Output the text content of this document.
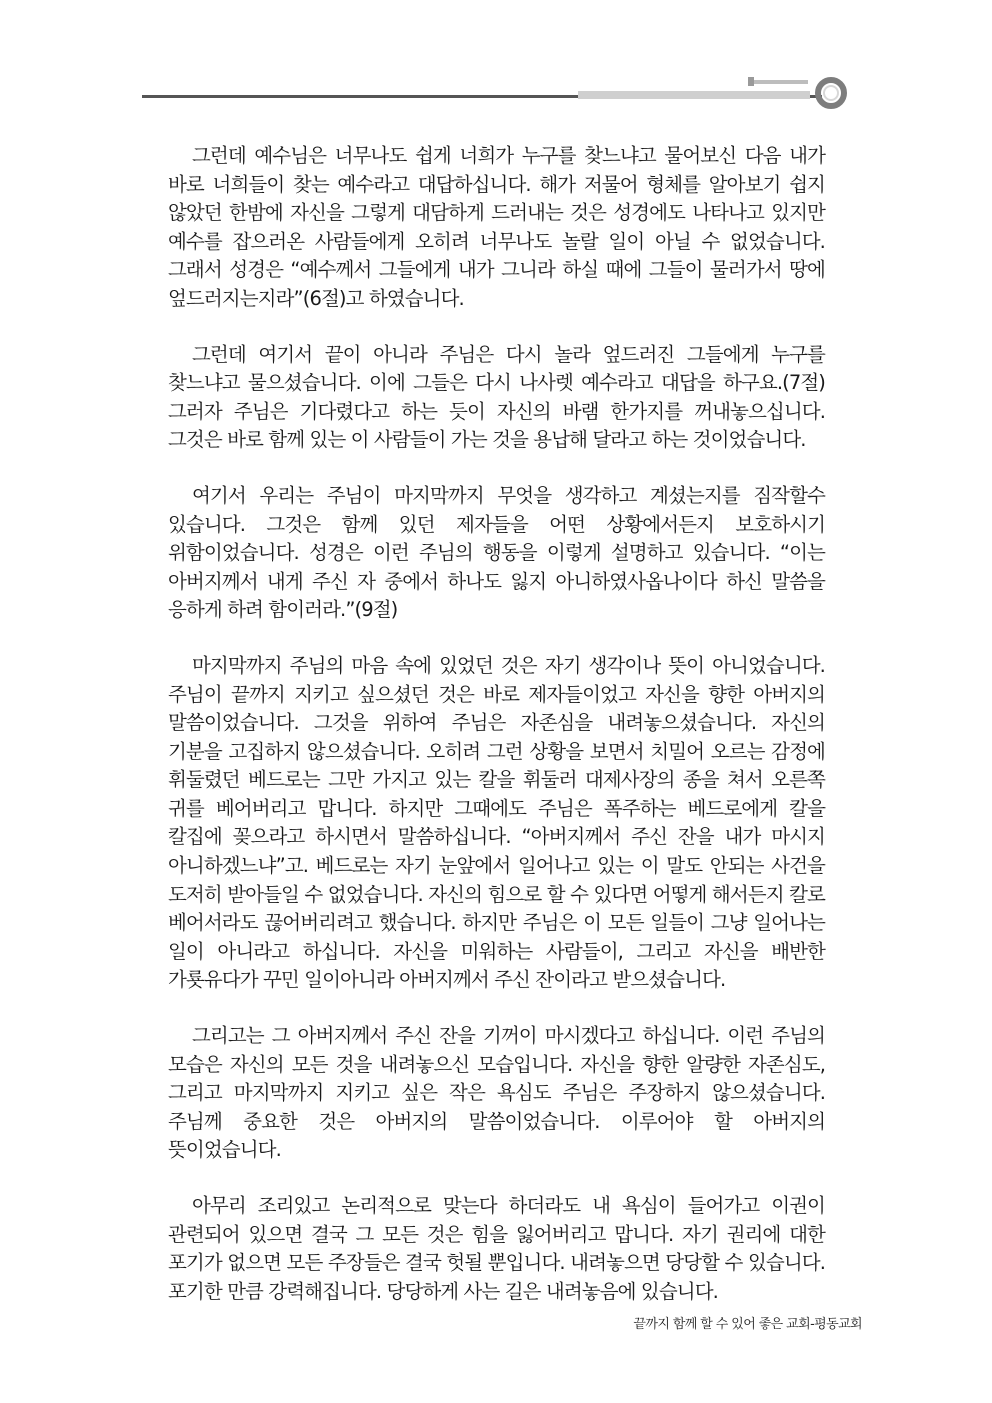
그런데 예수님은 너무나도 쉽게 너희가 누구를 찾느냐고 물어보신 다음 내가 바로 너희들이 찾는 예수라고 대답하십니다. 해가 저물어 형체를 알아보기 쉽지 않았던 한밤에 자신을 그렇게 대담하게 드러내는 것은 성경에도 나타나고 있지만 예수를 잡으러온 사람들에게 오히려 너무나도 놀랄 일이 아닐 수 없었습니다. 그래서 성경은 “예수께서 그들에게 내가 그니라 하실 때에 그들이 물러가서 땅에 엎드러지는지라”(6절)고 하였습니다.

그런데 여기서 끝이 아니라 주님은 다시 놀라 엎드러진 그들에게 누구를 찾느냐고 물으셨습니다. 이에 그들은 다시 나사렛 예수라고 대답을 하구요.(7절) 그러자 주님은 기다렸다고 하는 듯이 자신의 바램 한가지를 꺼내놓으십니다. 그것은 바로 함께 있는 이 사람들이 가는 것을 용납해 달라고 하는 것이었습니다.

여기서 우리는 주님이 마지막까지 무엇을 생각하고 계셨는지를 짐작할수 있습니다. 그것은 함께 있던 제자들을 어떤 상황에서든지 보호하시기 위함이었습니다. 성경은 이런 주님의 행동을 이렇게 설명하고 있습니다. “이는 아버지께서 내게 주신 자 중에서 하나도 잃지 아니하였사옵나이다 하신 말씀을 응하게 하려 함이러라.”(9절)

마지막까지 주님의 마음 속에 있었던 것은 자기 생각이나 뜻이 아니었습니다. 주님이 끝까지 지키고 싶으셨던 것은 바로 제자들이었고 자신을 향한 아버지의 말씀이었습니다. 그것을 위하여 주님은 자존심을 내려놓으셨습니다. 자신의 기분을 고집하지 않으셨습니다. 오히려 그런 상황을 보면서 치밀어 오르는 감정에 휘둘렸던 베드로는 그만 가지고 있는 칼을 휘둘러 대제사장의 종을 쳐서 오른쪽 귀를 베어버리고 맙니다. 하지만 그때에도 주님은 폭주하는 베드로에게 칼을 칼집에 꽂으라고 하시면서 말씀하십니다. “아버지께서 주신 잔을 내가 마시지 아니하겠느냐”고. 베드로는 자기 눈앞에서 일어나고 있는 이 말도 안되는 사건을 도저히 받아들일 수 없었습니다. 자신의 힘으로 할 수 있다면 어떻게 해서든지 칼로 베어서라도 끊어버리려고 했습니다. 하지만 주님은 이 모든 일들이 그냥 일어나는 일이 아니라고 하십니다. 자신을 미워하는 사람들이, 그리고 자신을 배반한 가룟유다가 꾸민 일이아니라 아버지께서 주신 잔이라고 받으셨습니다.

그리고는 그 아버지께서 주신 잔을 기꺼이 마시겠다고 하십니다. 이런 주님의 모습은 자신의 모든 것을 내려놓으신 모습입니다. 자신을 향한 알량한 자존심도, 그리고 마지막까지 지키고 싶은 작은 욕심도 주님은 주장하지 않으셨습니다. 주님께 중요한 것은 아버지의 말씀이었습니다. 이루어야 할 아버지의 뜻이었습니다.

아무리 조리있고 논리적으로 맞는다 하더라도 내 욕심이 들어가고 이권이 관련되어 있으면 결국 그 모든 것은 힘을 잃어버리고 맙니다. 자기 권리에 대한 포기가 없으면 모든 주장들은 결국 헛될 뿐입니다. 내려놓으면 당당할 수 있습니다. 포기한 만큼 강력해집니다. 당당하게 사는 길은 내려놓음에 있습니다.

끝까지 함께 할 수 있어 좋은 교회-평동교회
